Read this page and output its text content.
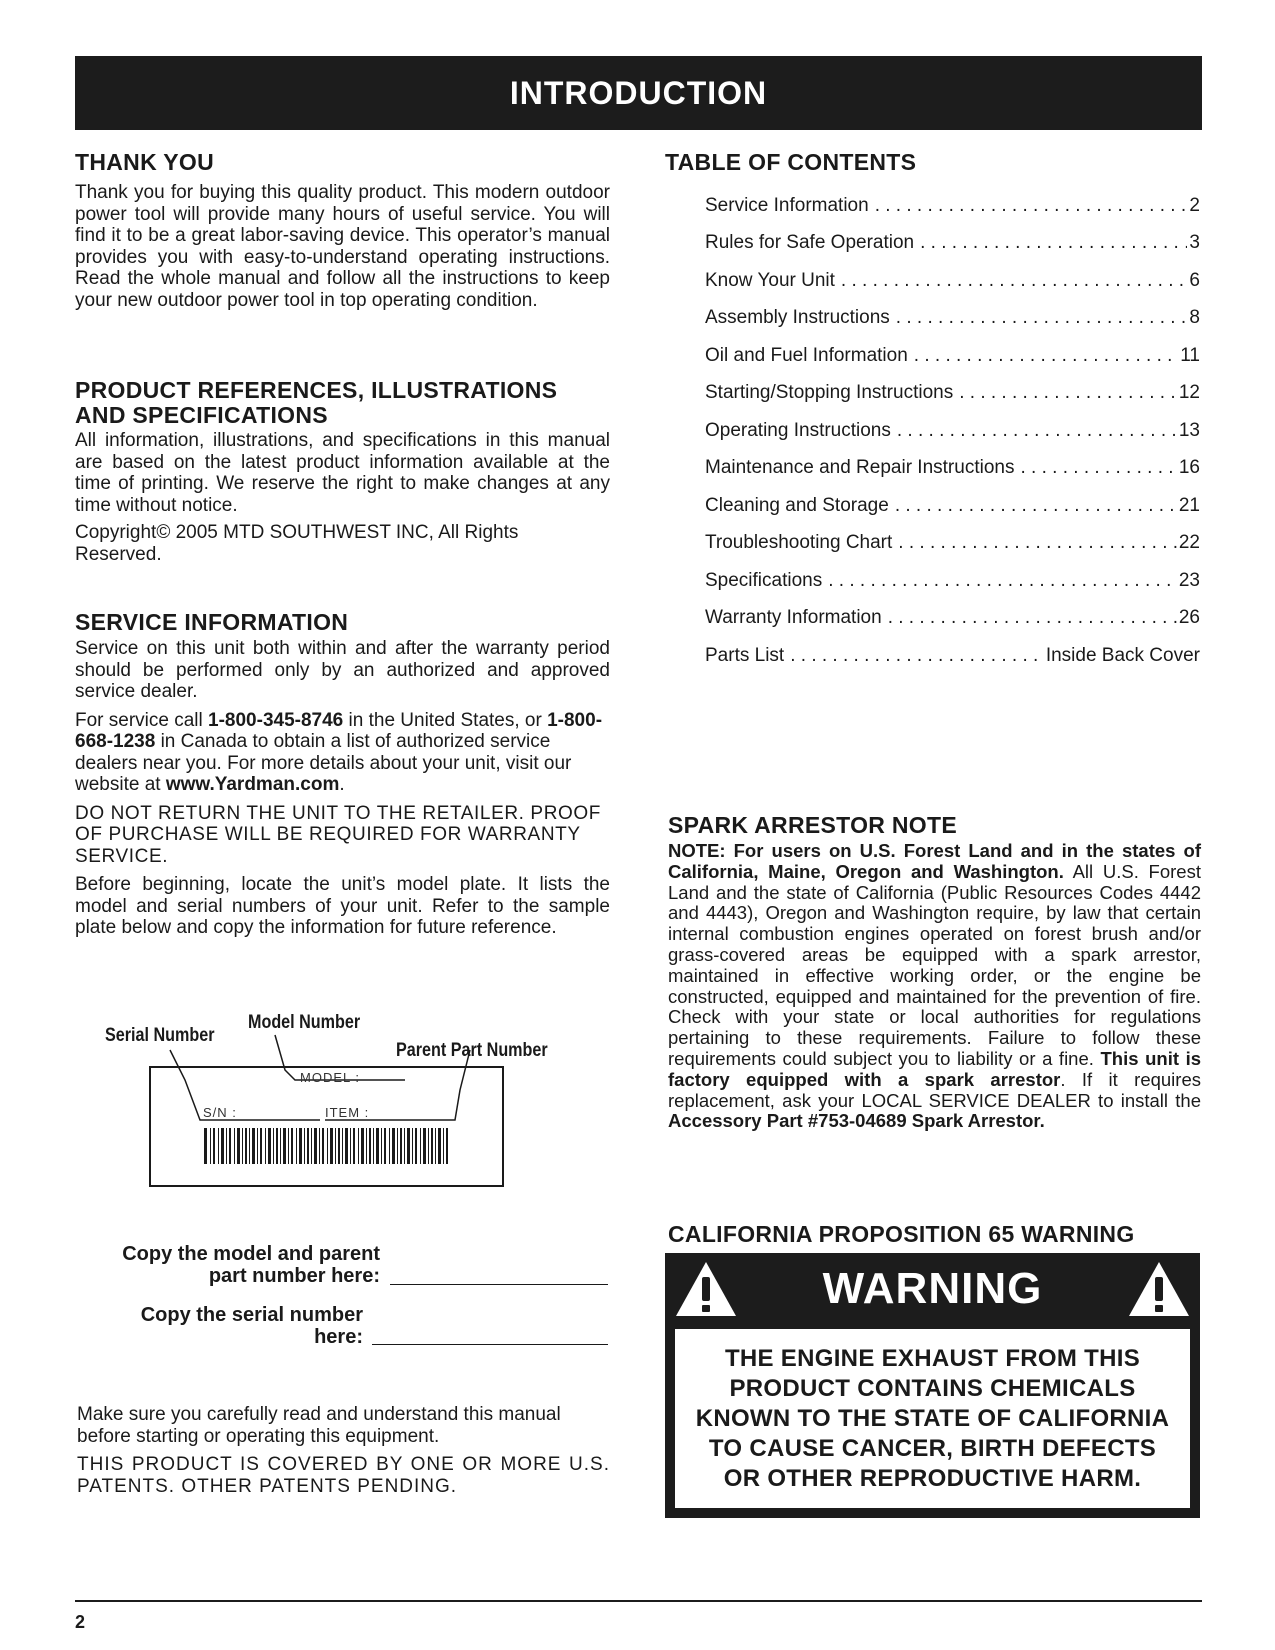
INTRODUCTION
THANK YOU

Thank you for buying this quality product. This modern outdoor power tool will provide many hours of useful service. You will find it to be a great labor-saving device. This operator’s manual provides you with easy-to-understand operating instructions. Read the whole manual and follow all the instructions to keep your new outdoor power tool in top operating condition.

PRODUCT REFERENCES, ILLUSTRATIONS
AND SPECIFICATIONS

All information, illustrations, and specifications in this manual are based on the latest product information available at the time of printing. We reserve the right to make changes at any time without notice.

Copyright© 2005 MTD SOUTHWEST INC, All Rights Reserved.

SERVICE INFORMATION

Service on this unit both within and after the warranty period should be performed only by an authorized and approved service dealer.

For service call 1-800-345-8746 in the United States, or 1-800-668-1238 in Canada to obtain a list of authorized service dealers near you. For more details about your unit, visit our website at www.Yardman.com.

DO NOT RETURN THE UNIT TO THE RETAILER. PROOF OF PURCHASE WILL BE REQUIRED FOR WARRANTY SERVICE.

Before beginning, locate the unit’s model plate. It lists the model and serial numbers of your unit. Refer to the sample plate below and copy the information for future reference.

MODEL :
S/N :	ITEM :
Serial Number
Model Number
Parent Part Number
Copy the model and parent
part number here:
Copy the serial number
here:

Make sure you carefully read and understand this manual before starting or operating this equipment.

THIS PRODUCT IS COVERED BY ONE OR MORE U.S. PATENTS. OTHER PATENTS PENDING.

TABLE OF CONTENTS
Service Information . . .	2
Rules for Safe Operation . . .	3
Know Your Unit . . .	6
Assembly Instructions . . .	8
Oil and Fuel Information . . .	11
Starting/Stopping Instructions . . .	12
Operating Instructions . . .	13
Maintenance and Repair Instructions . . .	16
Cleaning and Storage . . .	21
Troubleshooting Chart . . .	22
Specifications . . .	23
Warranty Information . . .	26
Parts List . . .	Inside Back Cover
SPARK ARRESTOR NOTE

NOTE: For users on U.S. Forest Land and in the states of California, Maine, Oregon and Washington. All U.S. Forest Land and the state of California (Public Resources Codes 4442 and 4443), Oregon and Washington require, by law that certain internal combustion engines operated on forest brush and/or grass-covered areas be equipped with a spark arrestor, maintained in effective working order, or the engine be constructed, equipped and maintained for the prevention of fire. Check with your state or local authorities for regulations pertaining to these requirements. Failure to follow these requirements could subject you to liability or a fine. This unit is factory equipped with a spark arrestor. If it requires replacement, ask your LOCAL SERVICE DEALER to install the Accessory Part #753-04689 Spark Arrestor.

CALIFORNIA PROPOSITION 65 WARNING
WARNING
THE ENGINE EXHAUST FROM THIS
PRODUCT CONTAINS CHEMICALS
KNOWN TO THE STATE OF CALIFORNIA
TO CAUSE CANCER, BIRTH DEFECTS
OR OTHER REPRODUCTIVE HARM.
2
